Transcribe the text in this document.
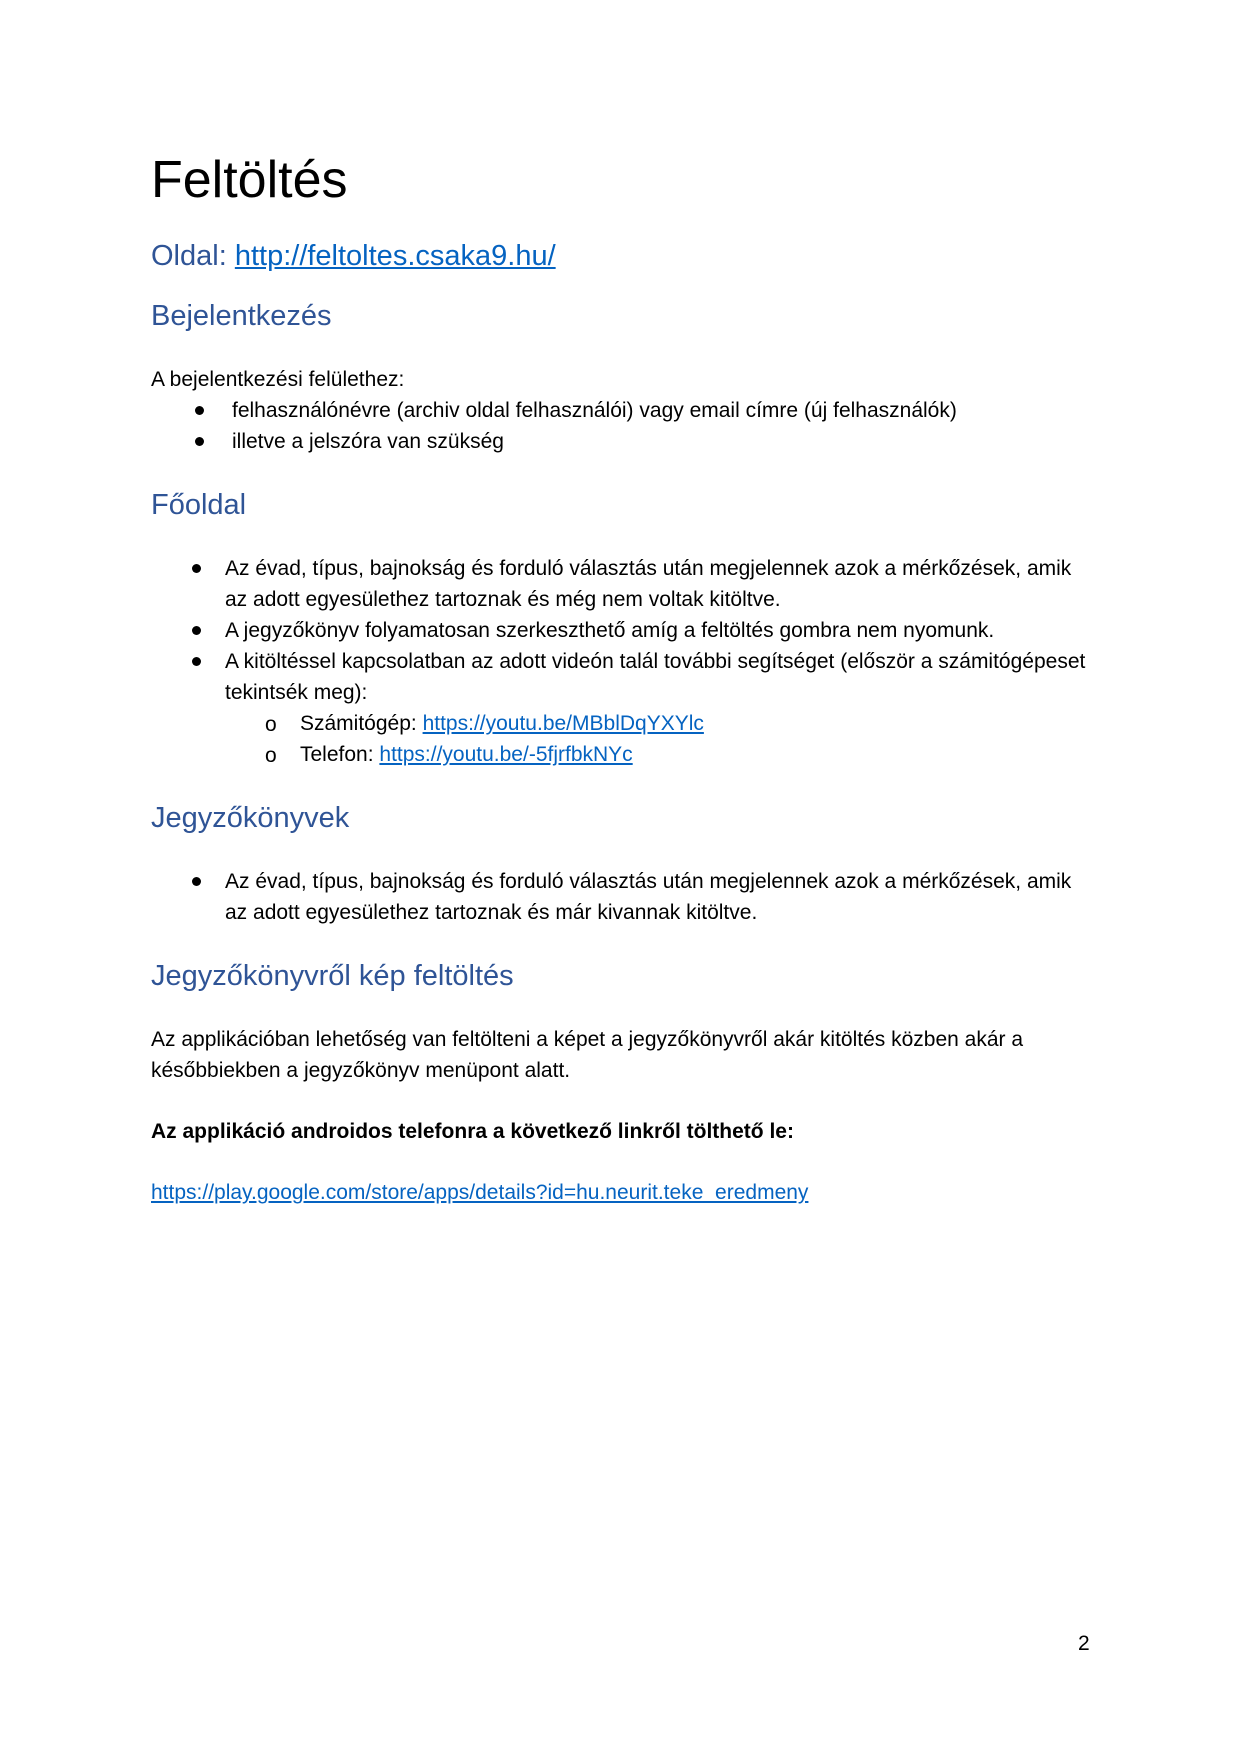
Feltöltés
Oldal: http://feltoltes.csaka9.hu/
Bejelentkezés

A bejelentkezési felülethez:

felhasználónévre (archiv oldal felhasználói) vagy email címre (új felhasználók)
illetve a jelszóra van szükség
Főoldal
Az évad, típus, bajnokság és forduló választás után megjelennek azok a mérkőzések, amik az adott egyesülethez tartoznak és még nem voltak kitöltve.
A jegyzőkönyv folyamatosan szerkeszthető amíg a feltöltés gombra nem nyomunk.
A kitöltéssel kapcsolatban az adott videón talál további segítséget (először a számitógépeset tekintsék meg):
o Számitógép: https://youtu.be/MBblDqYXYlc
o Telefon: https://youtu.be/-5fjrfbkNYc
Jegyzőkönyvek
Az évad, típus, bajnokság és forduló választás után megjelennek azok a mérkőzések, amik az adott egyesülethez tartoznak és már kivannak kitöltve.
Jegyzőkönyvről kép feltöltés

Az applikációban lehetőség van feltölteni a képet a jegyzőkönyvről akár kitöltés közben akár a későbbiekben a jegyzőkönyv menüpont alatt.

Az applikáció androidos telefonra a következő linkről tölthető le:

https://play.google.com/store/apps/details?id=hu.neurit.teke_eredmeny

2
